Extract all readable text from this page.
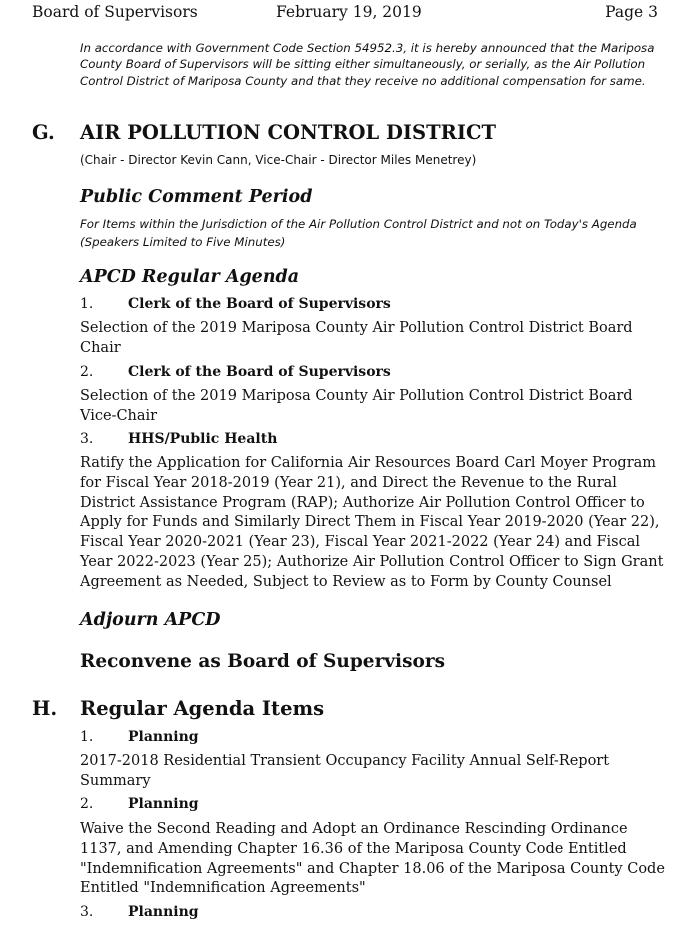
Board of Supervisors	February 19, 2019	Page 3
In accordance with Government Code Section 54952.3, it is hereby announced that the Mariposa County Board of Supervisors will be sitting either simultaneously, or serially, as the Air Pollution Control District of Mariposa County and that they receive no additional compensation for same.
G. AIR POLLUTION CONTROL DISTRICT
(Chair - Director Kevin Cann, Vice-Chair - Director Miles Menetrey)
Public Comment Period
For Items within the Jurisdiction of the Air Pollution Control District and not on Today's Agenda (Speakers Limited to Five Minutes)
APCD Regular Agenda
1. Clerk of the Board of Supervisors
Selection of the 2019 Mariposa County Air Pollution Control District Board Chair
2. Clerk of the Board of Supervisors
Selection of the 2019 Mariposa County Air Pollution Control District Board Vice-Chair
3. HHS/Public Health
Ratify the Application for California Air Resources Board Carl Moyer Program for Fiscal Year 2018-2019 (Year 21), and Direct the Revenue to the Rural District Assistance Program (RAP); Authorize Air Pollution Control Officer to Apply for Funds and Similarly Direct Them in Fiscal Year 2019-2020 (Year 22), Fiscal Year 2020-2021 (Year 23), Fiscal Year 2021-2022 (Year 24) and Fiscal Year 2022-2023 (Year 25); Authorize Air Pollution Control Officer to Sign Grant Agreement as Needed, Subject to Review as to Form by County Counsel
Adjourn APCD
Reconvene as Board of Supervisors
H. Regular Agenda Items
1. Planning
2017-2018 Residential Transient Occupancy Facility Annual Self-Report Summary
2. Planning
Waive the Second Reading and Adopt an Ordinance Rescinding Ordinance 1137, and Amending Chapter 16.36 of the Mariposa County Code Entitled "Indemnification Agreements" and Chapter 18.06 of the Mariposa County Code Entitled "Indemnification Agreements"
3. Planning
